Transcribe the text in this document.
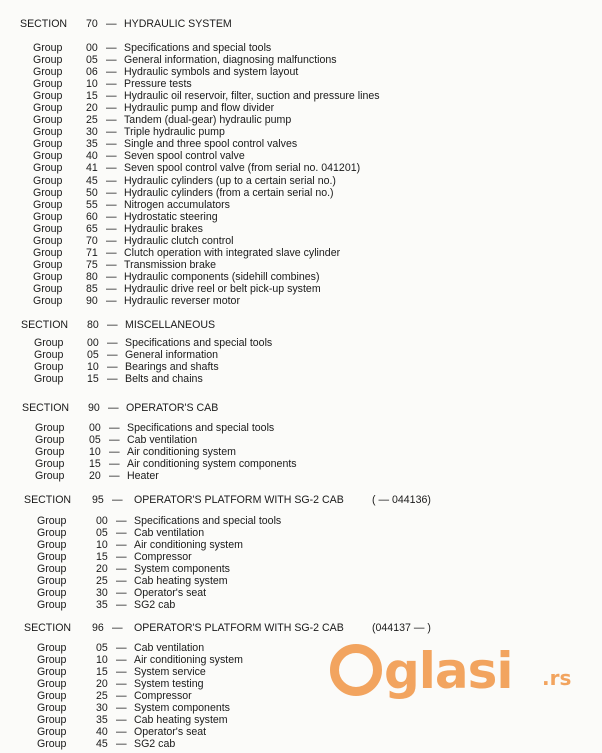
SECTION 70 — HYDRAULIC SYSTEM
Group 00 — Specifications and special tools
Group 05 — General information, diagnosing malfunctions
Group 06 — Hydraulic symbols and system layout
Group 10 — Pressure tests
Group 15 — Hydraulic oil reservoir, filter, suction and pressure lines
Group 20 — Hydraulic pump and flow divider
Group 25 — Tandem (dual-gear) hydraulic pump
Group 30 — Triple hydraulic pump
Group 35 — Single and three spool control valves
Group 40 — Seven spool control valve
Group 41 — Seven spool control valve (from serial no. 041201)
Group 45 — Hydraulic cylinders (up to a certain serial no.)
Group 50 — Hydraulic cylinders (from a certain serial no.)
Group 55 — Nitrogen accumulators
Group 60 — Hydrostatic steering
Group 65 — Hydraulic brakes
Group 70 — Hydraulic clutch control
Group 71 — Clutch operation with integrated slave cylinder
Group 75 — Transmission brake
Group 80 — Hydraulic components (sidehill combines)
Group 85 — Hydraulic drive reel or belt pick-up system
Group 90 — Hydraulic reverser motor
SECTION 80 — MISCELLANEOUS
Group 00 — Specifications and special tools
Group 05 — General information
Group 10 — Bearings and shafts
Group 15 — Belts and chains
SECTION 90 — OPERATOR'S CAB
Group 00 — Specifications and special tools
Group 05 — Cab ventilation
Group 10 — Air conditioning system
Group 15 — Air conditioning system components
Group 20 — Heater
SECTION 95 —	OPERATOR'S PLATFORM WITH SG-2 CAB	( — 044136)
Group	00 — Specifications and special tools
Group	05 — Cab ventilation
Group	10 — Air conditioning system
Group	15 — Compressor
Group	20 — System components
Group	25 — Cab heating system
Group	30 — Operator's seat
Group	35 — SG2 cab
SECTION 96 —	OPERATOR'S PLATFORM WITH SG-2 CAB	(044137 — )
Group	05 — Cab ventilation
Group	10 — Air conditioning system
Group	15 — System service
Group	20 — System testing
Group	25 — Compressor
Group	30 — System components
Group	35 — Cab heating system
Group	40 — Operator's seat
Group	45 — SG2 cab
glasi .rs
